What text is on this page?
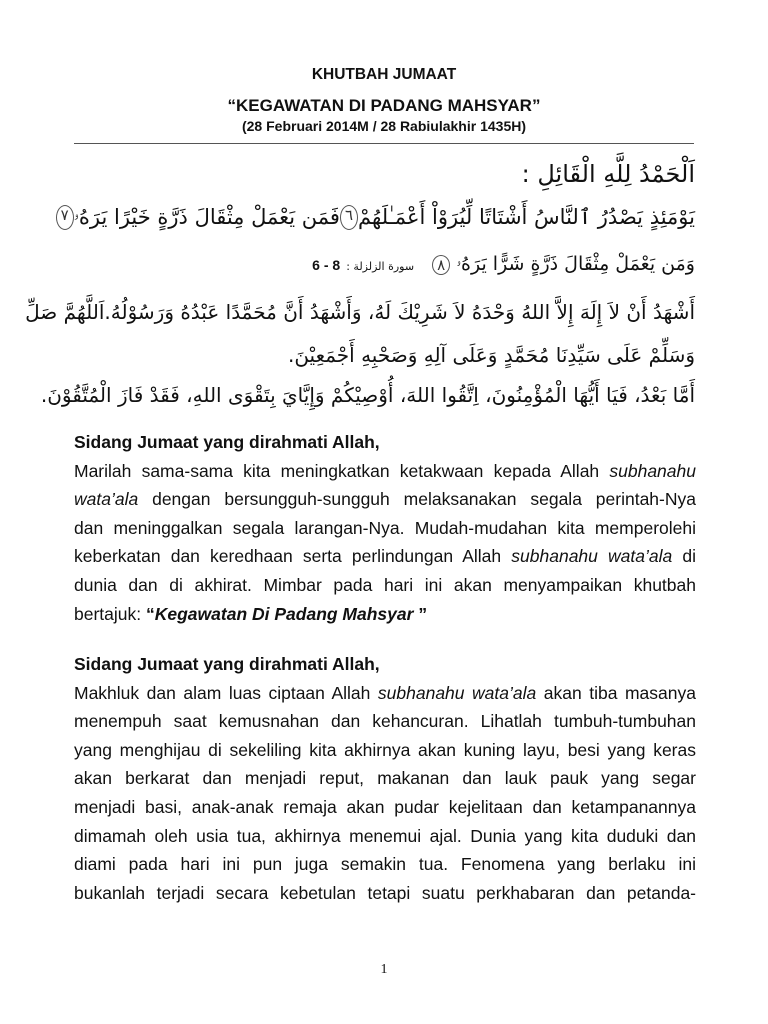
KHUTBAH JUMAAT
“KEGAWATAN DI PADANG MAHSYAR”
(28 Februari 2014M / 28 Rabiulakhir 1435H)
اَلْحَمْدُ لِلَّهِ الْقَائِلِ :
يَوْمَئِذٍ يَصْدُرُ ٱلنَّاسُ أَشْتَاتًا لِّيُرَوْاْ أَعْمَـٰلَهُمْ
٦
فَمَن يَعْمَلْ مِثْقَالَ ذَرَّةٍ خَيْرًا يَرَهُۥ
٧
وَمَن يَعْمَلْ مِثْقَالَ ذَرَّةٍ شَرًّا يَرَهُۥ ٨   سورة الزلزلة : 6 - 8
أَشْهَدُ أَنْ لاَ إِلَهَ إِلاَّ اللهُ وَحْدَهُ لاَ شَرِيْكَ لَهُ، وَأَشْهَدُ أَنَّ مُحَمَّدًا عَبْدُهُ وَرَسُوْلُهُ.
اَللَّهُمَّ صَلِّ
وَسَلِّمْ عَلَى سَيِّدِنَا مُحَمَّدٍ وَعَلَى آلِهِ وَصَحْبِهِ أَجْمَعِيْنَ.
أَمَّا بَعْدُ، فَيَا أَيُّهَا الْمُؤْمِنُونَ، اِتَّقُوا اللهَ، أُوْصِيْكُمْ وَإِيَّايَ بِتَقْوَى اللهِ، فَقَدْ فَازَ الْمُتَّقُوْنَ.
Sidang Jumaat yang dirahmati Allah,
Marilah sama-sama kita meningkatkan ketakwaan kepada Allah subhanahu
wata’ala dengan bersungguh-sungguh melaksanakan segala perintah-Nya
dan meninggalkan segala larangan-Nya. Mudah-mudahan kita memperolehi
keberkatan dan keredhaan serta perlindungan Allah subhanahu wata’ala di
dunia dan di akhirat. Mimbar pada hari ini akan menyampaikan khutbah
bertajuk: “Kegawatan Di Padang Mahsyar ”
Sidang Jumaat yang dirahmati Allah,
Makhluk dan alam luas ciptaan Allah subhanahu wata’ala akan tiba masanya
menempuh saat kemusnahan dan kehancuran. Lihatlah tumbuh-tumbuhan
yang menghijau di sekeliling kita akhirnya akan kuning layu, besi yang keras
akan berkarat dan menjadi reput, makanan dan lauk pauk yang segar
menjadi basi, anak-anak remaja akan pudar kejelitaan dan ketampanannya
dimamah oleh usia tua, akhirnya menemui ajal. Dunia yang kita duduki dan
diami pada hari ini pun juga semakin tua. Fenomena yang berlaku ini
bukanlah terjadi secara kebetulan tetapi suatu perkhabaran dan petanda-
1
